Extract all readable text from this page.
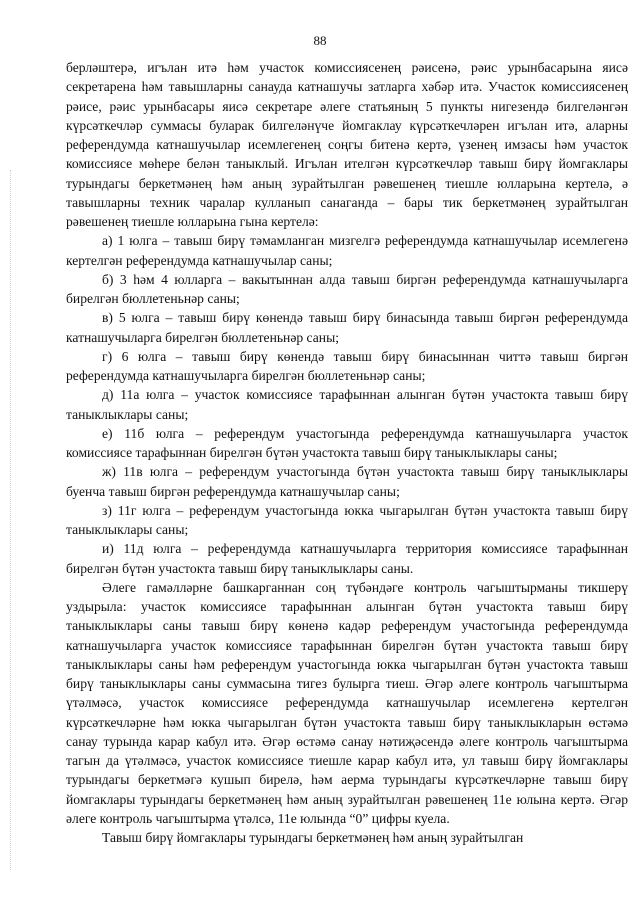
88

берләштерә, игълан итә һәм участок комиссиясенең рәисенә, рәис урынбасарына яисә секретарена һәм тавышларны санауда катнашучы затларга хәбәр итә. Участок комиссиясенең рәисе, рәис урынбасары яисә секретаре әлеге статьяның 5 пункты нигезендә билгеләнгән күрсәткечләр суммасы буларак билгеләнүче йомгаклау күрсәткечләрен игълан итә, аларны референдумда катнашучылар исемлегенең соңгы битенә кертә, үзенең имзасы һәм участок комиссиясе мөһере белән таныклый. Игълан ителгән күрсәткечләр тавыш бирү йомгаклары турындагы беркетмәнең һәм аның зурайтылган рәвешенең тиешле юлларына кертелә, ә тавышларны техник чаралар кулланып санаганда – бары тик беркетмәнең зурайтылган рәвешенең тиешле юлларына гына кертелә:

а) 1 юлга – тавыш бирү тәмамланган мизгелгә референдумда катнашучылар исемлегенә кертелгән референдумда катнашучылар саны;

б) 3 һәм 4 юлларга – вакытыннан алда тавыш биргән референдумда катнашучыларга бирелгән бюллетеньнәр саны;

в) 5 юлга – тавыш бирү көнендә тавыш бирү бинасында тавыш биргән референдумда катнашучыларга бирелгән бюллетеньнәр саны;

г) 6 юлга – тавыш бирү көнендә тавыш бирү бинасыннан читтә тавыш биргән референдумда катнашучыларга бирелгән бюллетеньнәр саны;

д) 11а юлга – участок комиссиясе тарафыннан алынган бүтән участокта тавыш бирү таныклыклары саны;

е) 11б юлга – референдум участогында референдумда катнашучыларга участок комиссиясе тарафыннан бирелгән бүтән участокта тавыш бирү таныклыклары саны;

ж) 11в юлга – референдум участогында бүтән участокта тавыш бирү таныклыклары буенча тавыш биргән референдумда катнашучылар саны;

з) 11г юлга – референдум участогында юкка чыгарылган бүтән участокта тавыш бирү таныклыклары саны;

и) 11д юлга – референдумда катнашучыларга территория комиссиясе тарафыннан бирелгән бүтән участокта тавыш бирү таныклыклары саны.

Әлеге гамәлләрне башкарганнан соң түбәндәге контроль чагыштырманы тикшерү уздырыла: участок комиссиясе тарафыннан алынган бүтән участокта тавыш бирү таныклыклары саны тавыш бирү көненә кадәр референдум участогында референдумда катнашучыларга участок комиссиясе тарафыннан бирелгән бүтән участокта тавыш бирү таныклыклары саны һәм референдум участогында юкка чыгарылган бүтән участокта тавыш бирү таныклыклары саны суммасына тигез булырга тиеш. Әгәр әлеге контроль чагыштырма үтәлмәсә, участок комиссиясе референдумда катнашучылар исемлегенә кертелгән күрсәткечләрне һәм юкка чыгарылган бүтән участокта тавыш бирү таныклыкларын өстәмә санау турында карар кабул итә. Әгәр өстәмә санау нәтиҗәсендә әлеге контроль чагыштырма тагын да үтәлмәсә, участок комиссиясе тиешле карар кабул итә, ул тавыш бирү йомгаклары турындагы беркетмәгә кушып бирелә, һәм аерма турындагы күрсәткечләрне тавыш бирү йомгаклары турындагы беркетмәнең һәм аның зурайтылган рәвешенең 11е юлына кертә. Әгәр әлеге контроль чагыштырма үтәлсә, 11е юлында “0” цифры куела.

Тавыш бирү йомгаклары турындагы беркетмәнең һәм аның зурайтылган
